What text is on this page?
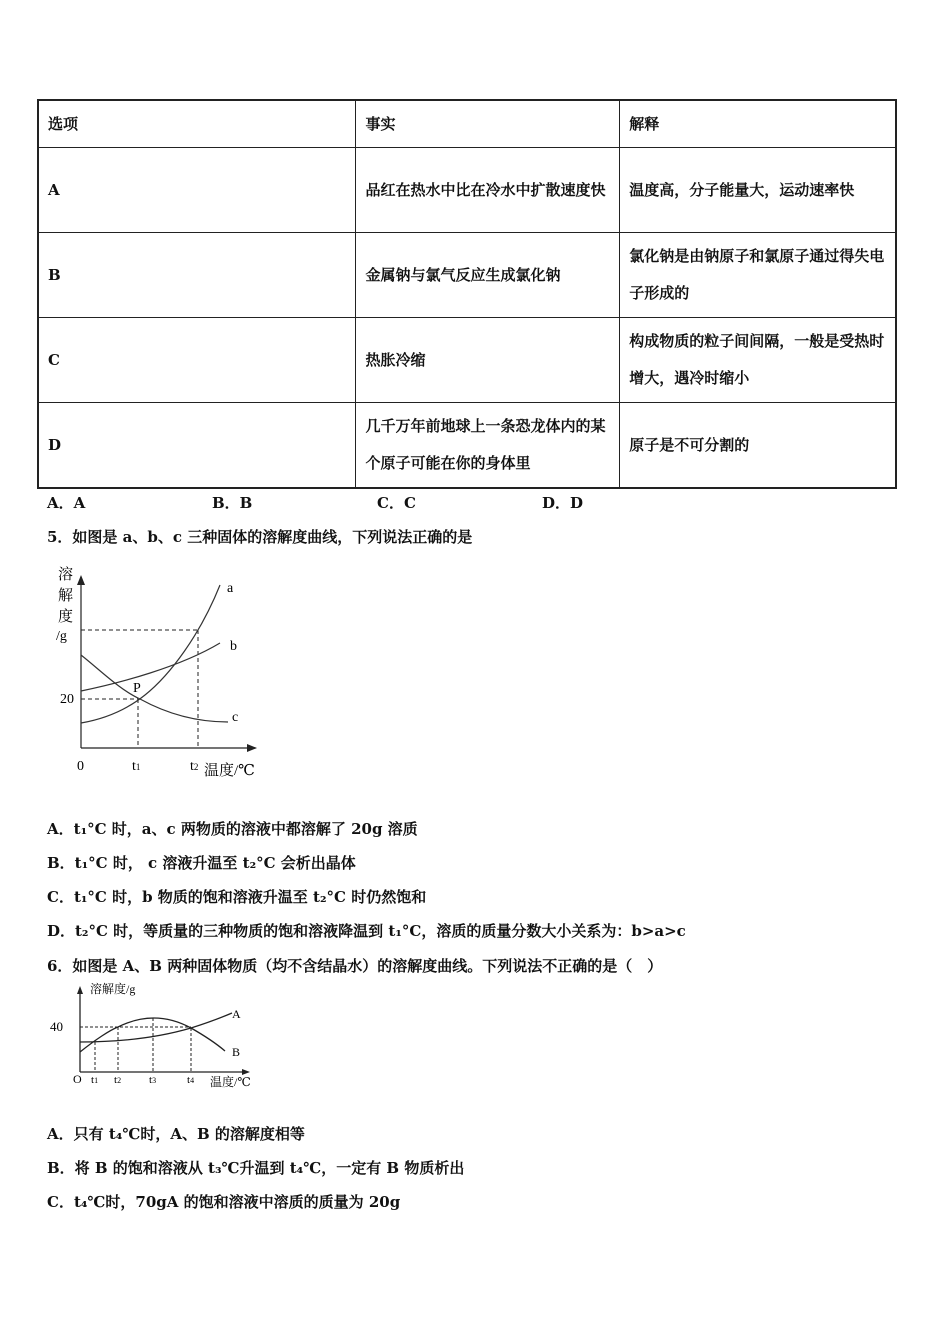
选项	事实	解释
A	品红在热水中比在冷水中扩散速度快	温度高，分子能量大，运动速率快
B	金属钠与氯气反应生成氯化钠	氯化钠是由钠原子和氯原子通过得失电子形成的
C	热胀冷缩	构成物质的粒子间间隔，一般是受热时增大，遇冷时缩小
D	几千万年前地球上一条恐龙体内的某个原子可能在你的身体里	原子是不可分割的
A．A	B．B	C．C	D．D
5．如图是 a、b、c 三种固体的溶解度曲线，下列说法正确的是
溶
解
度
/g
20
P
a
b
c
0	t1	t2 温度/℃
A．t₁°C 时，a、c 两物质的溶液中都溶解了 20g 溶质
B．t₁°C 时， c 溶液升温至 t₂°C 会析出晶体
C．t₁°C 时，b 物质的饱和溶液升温至 t₂°C 时仍然饱和
D．t₂°C 时，等质量的三种物质的饱和溶液降温到 t₁°C，溶质的质量分数大小关系为：b>a>c
6．如图是 A、B 两种固体物质（均不含结晶水）的溶解度曲线。下列说法不正确的是（　）
溶解度/g
40
A
B
O t1 t2	t3	t4 温度/℃
A．只有 t₄℃时，A、B 的溶解度相等
B．将 B 的饱和溶液从 t₃℃升温到 t₄℃，一定有 B 物质析出
C．t₄℃时，70gA 的饱和溶液中溶质的质量为 20g
